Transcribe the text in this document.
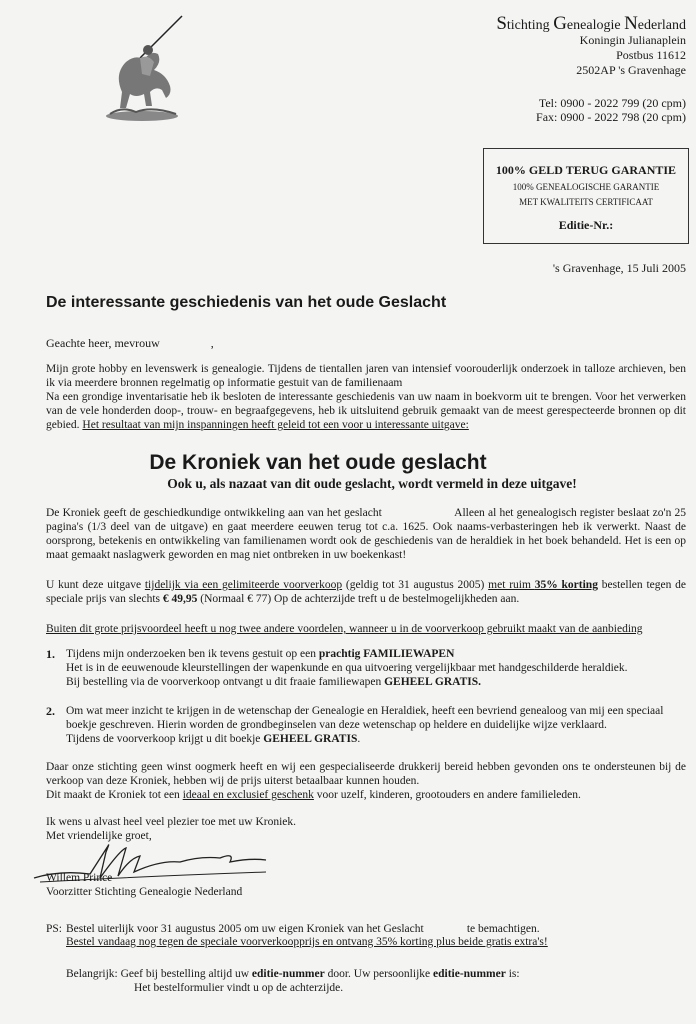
Stichting Genealogie Nederland
Koningin Julianaplein
Postbus 11612
2502AP 's Gravenhage
Tel: 0900 - 2022 799 (20 cpm)
Fax: 0900 - 2022 798 (20 cpm)
100% GELD TERUG GARANTIE
100% GENEALOGISCHE GARANTIE
MET KWALITEITS CERTIFICAAT
Editie-Nr.:
's Gravenhage, 15 Juli 2005
De interessante geschiedenis van het oude Geslacht
Geachte heer, mevrouw                 ,
Mijn grote hobby en levenswerk is genealogie. Tijdens de tientallen jaren van intensief voorouderlijk onderzoek in talloze archieven, ben ik via meerdere bronnen regelmatig op informatie gestuit van de familienaam
Na een grondige inventarisatie heb ik besloten de interessante geschiedenis van uw naam in boekvorm uit te brengen. Voor het verwerken van de vele honderden doop-, trouw- en begraafgegevens, heb ik uitsluitend gebruik gemaakt van de meest gerespecteerde bronnen op dit gebied. Het resultaat van mijn inspanningen heeft geleid tot een voor u interessante uitgave:
De Kroniek van het oude geslacht
Ook u, als nazaat van dit oude geslacht, wordt vermeld in deze uitgave!
De Kroniek geeft de geschiedkundige ontwikkeling aan van het geslacht                       Alleen al het genealogisch register beslaat zo'n 25 pagina's (1/3 deel van de uitgave) en gaat meerdere eeuwen terug tot c.a. 1625. Ook naams-verbasteringen heb ik verwerkt. Naast de oorsprong, betekenis en ontwikkeling van familienamen wordt ook de geschiedenis van de heraldiek in het boek behandeld. Het is een op maat gemaakt naslagwerk geworden en mag niet ontbreken in uw boekenkast!
U kunt deze uitgave tijdelijk via een gelimiteerde voorverkoop (geldig tot 31 augustus 2005) met ruim 35% korting bestellen tegen de speciale prijs van slechts € 49,95 (Normaal € 77) Op de achterzijde treft u de bestelmogelijkheden aan.
Buiten dit grote prijsvoordeel heeft u nog twee andere voordelen, wanneer u in de voorverkoop gebruikt maakt van de aanbieding
1. Tijdens mijn onderzoeken ben ik tevens gestuit op een prachtig FAMILIEWAPEN
Het is in de eeuwenoude kleurstellingen der wapenkunde en qua uitvoering vergelijkbaar met handgeschilderde heraldiek.
Bij bestelling via de voorverkoop ontvangt u dit fraaie familiewapen GEHEEL GRATIS.
2. Om wat meer inzicht te krijgen in de wetenschap der Genealogie en Heraldiek, heeft een bevriend genealoog van mij een speciaal boekje geschreven. Hierin worden de grondbeginselen van deze wetenschap op heldere en duidelijke wijze verklaard.
Tijdens de voorverkoop krijgt u dit boekje GEHEEL GRATIS.
Daar onze stichting geen winst oogmerk heeft en wij een gespecialiseerde drukkerij bereid hebben gevonden ons te ondersteunen bij de verkoop van deze Kroniek, hebben wij de prijs uiterst betaalbaar kunnen houden.
Dit maakt de Kroniek tot een ideaal en exclusief geschenk voor uzelf, kinderen, grootouders en andere familieleden.
Ik wens u alvast heel veel plezier toe met uw Kroniek.
Met vriendelijke groet,
Willem Prince
Voorzitter Stichting Genealogie Nederland
PS: Bestel uiterlijk voor 31 augustus 2005 om uw eigen Kroniek van het Geslacht               te bemachtigen.
Bestel vandaag nog tegen de speciale voorverkoopprijs en ontvang 35% korting plus beide gratis extra's!
Belangrijk: Geef bij bestelling altijd uw editie-nummer door. Uw persoonlijke editie-nummer is:
Het bestelformulier vindt u op de achterzijde.
